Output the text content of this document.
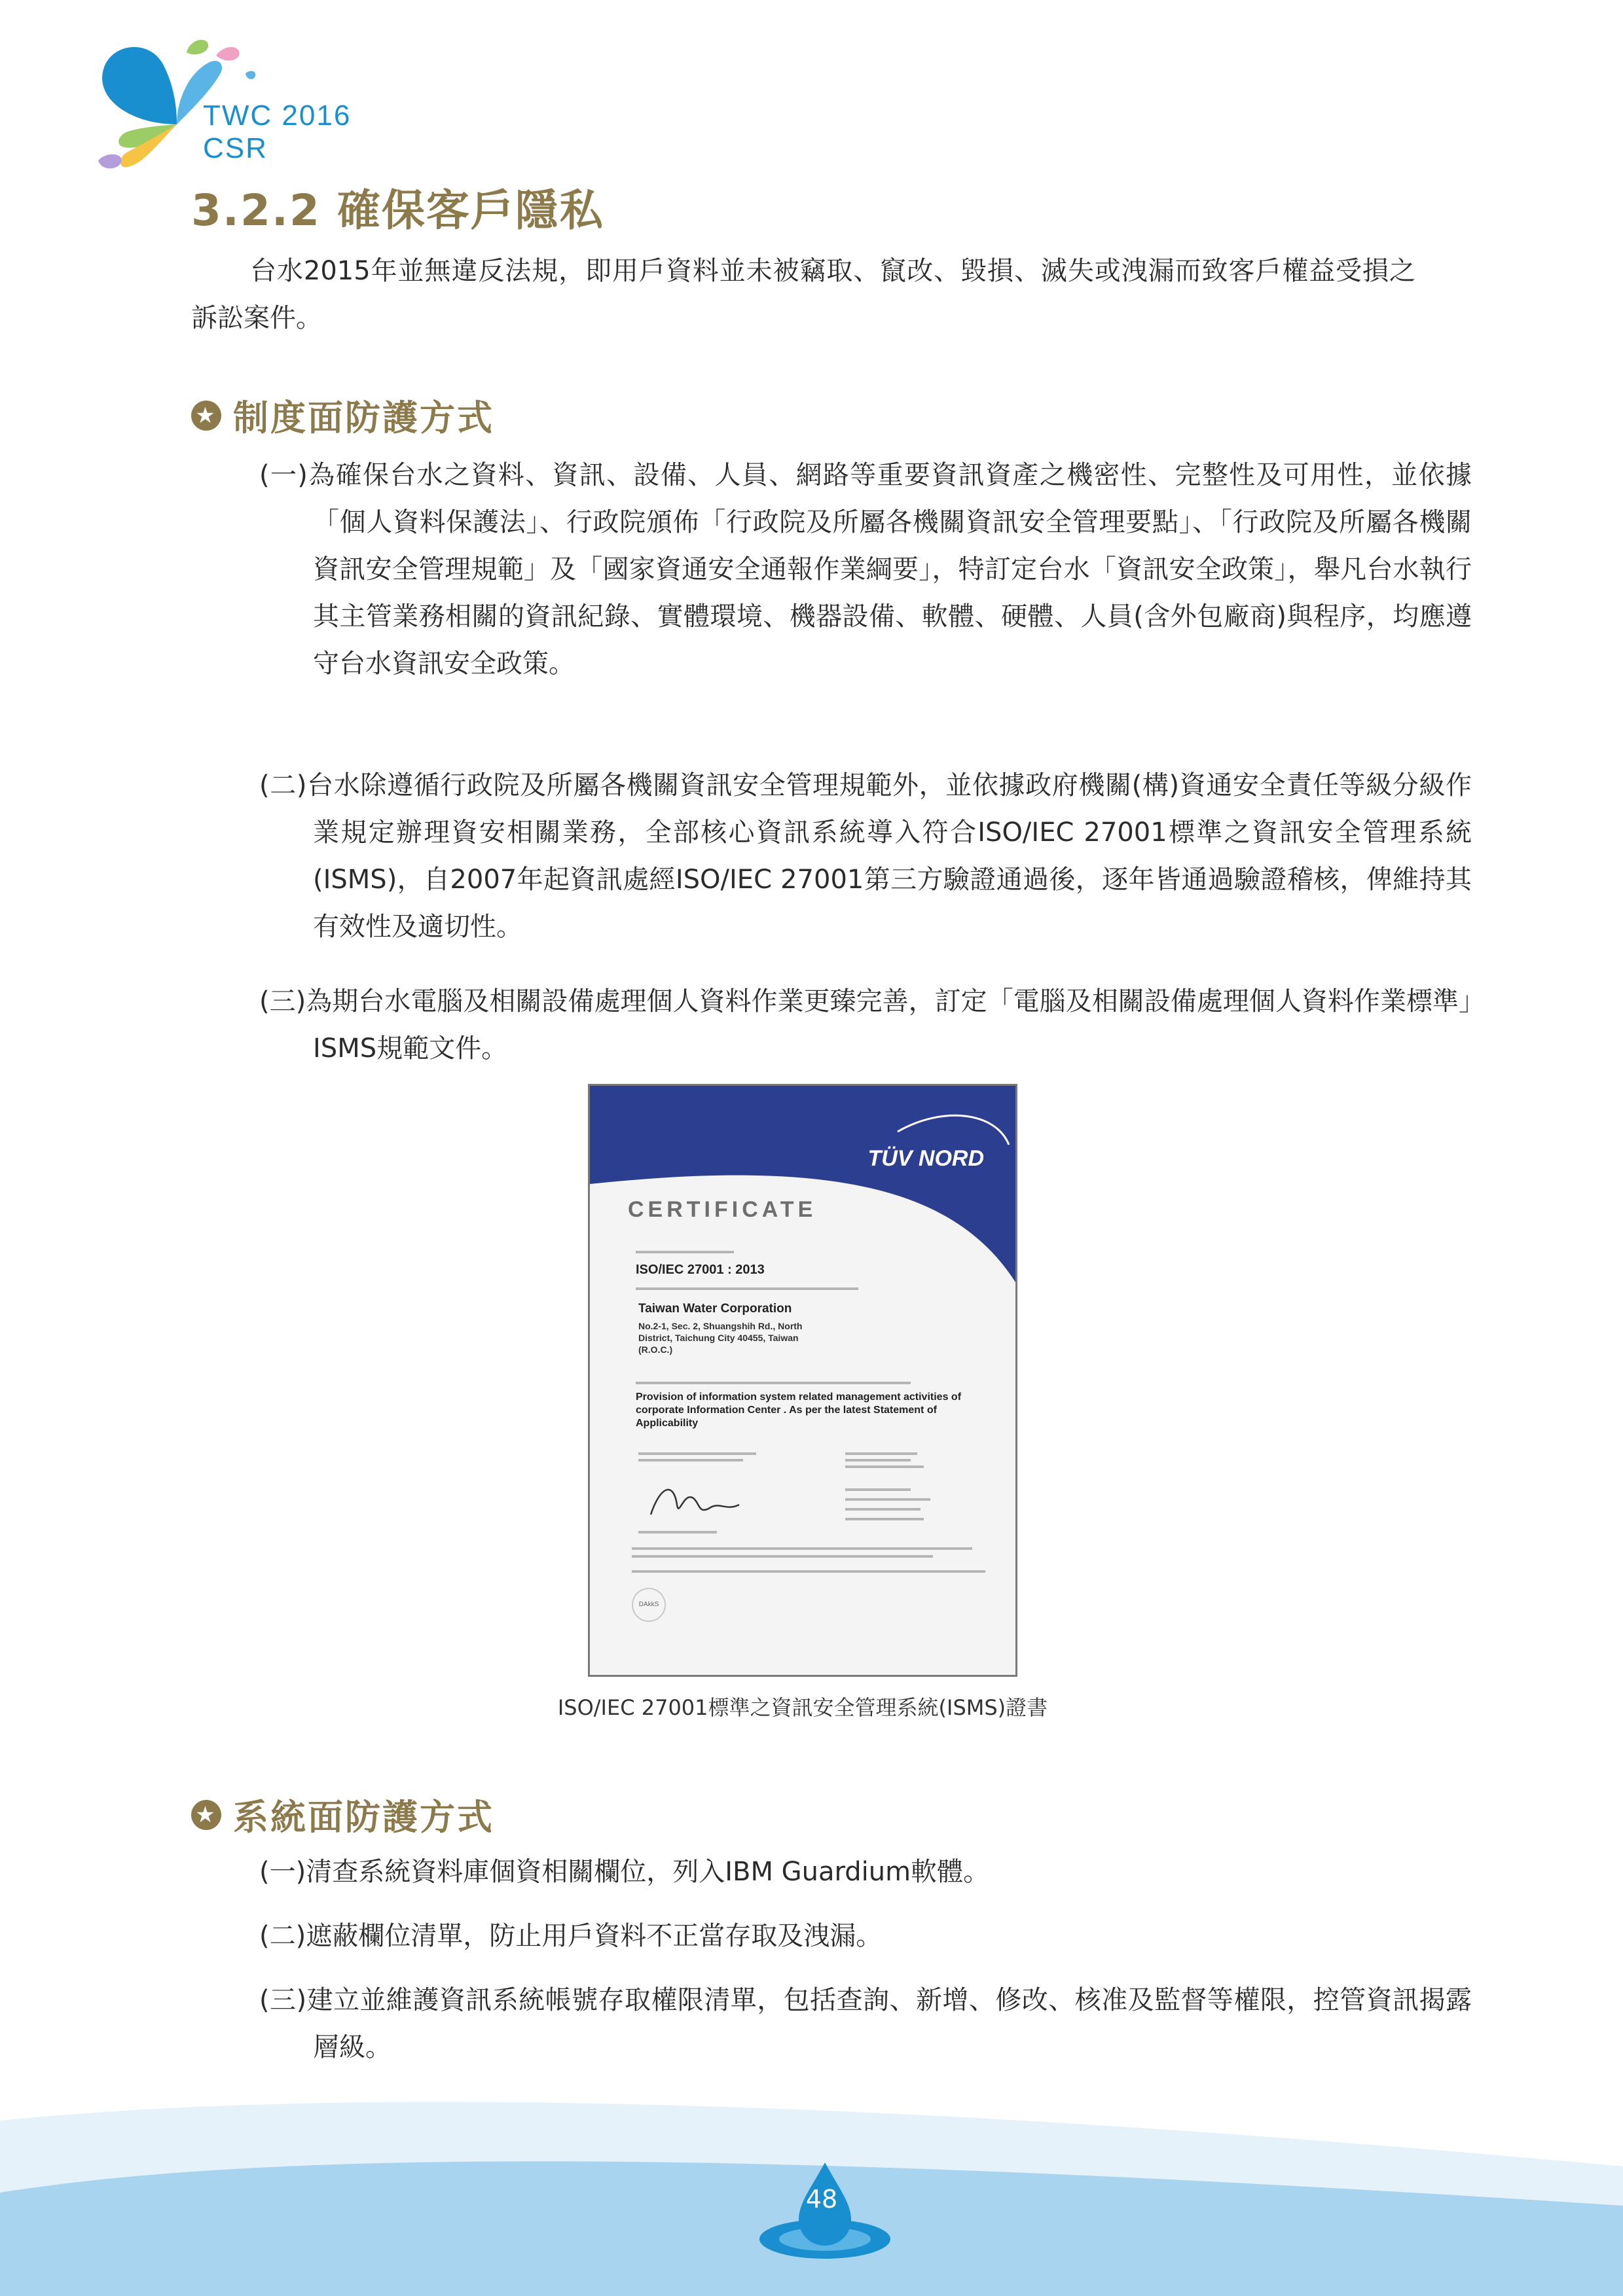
TWC 2016 CSR
3.2.2 確保客戶隱私

台水2015年並無違反法規，即用戶資料並未被竊取、竄改、毀損、滅失或洩漏而致客戶權益受損之訴訟案件。

★ 制度面防護方式

(一)為確保台水之資料、資訊、設備、人員、網路等重要資訊資產之機密性、完整性及可用性，並依據「個人資料保護法」、行政院頒佈「行政院及所屬各機關資訊安全管理要點」、「行政院及所屬各機關資訊安全管理規範」及「國家資通安全通報作業綱要」，特訂定台水「資訊安全政策」，舉凡台水執行其主管業務相關的資訊紀錄、實體環境、機器設備、軟體、硬體、人員(含外包廠商)與程序，均應遵守台水資訊安全政策。

(二)台水除遵循行政院及所屬各機關資訊安全管理規範外，並依據政府機關(構)資通安全責任等級分級作業規定辦理資安相關業務，全部核心資訊系統導入符合ISO/IEC 27001標準之資訊安全管理系統(ISMS)，自2007年起資訊處經ISO/IEC 27001第三方驗證通過後，逐年皆通過驗證稽核，俾維持其有效性及適切性。

(三)為期台水電腦及相關設備處理個人資料作業更臻完善，訂定「電腦及相關設備處理個人資料作業標準」ISMS規範文件。

TÜV NORD
CERTIFICATE
ISO/IEC 27001 : 2013
Taiwan Water Corporation
No.2-1, Sec. 2, Shuangshih Rd., North District, Taichung City 40455, Taiwan (R.O.C.)
Provision of information system related management activities of corporate Information Center . As per the latest Statement of Applicability
DAkkS

ISO/IEC 27001標準之資訊安全管理系統(ISMS)證書

★ 系統面防護方式

(一)清查系統資料庫個資相關欄位，列入IBM Guardium軟體。

(二)遮蔽欄位清單，防止用戶資料不正當存取及洩漏。

(三)建立並維護資訊系統帳號存取權限清單，包括查詢、新增、修改、核准及監督等權限，控管資訊揭露層級。

48
